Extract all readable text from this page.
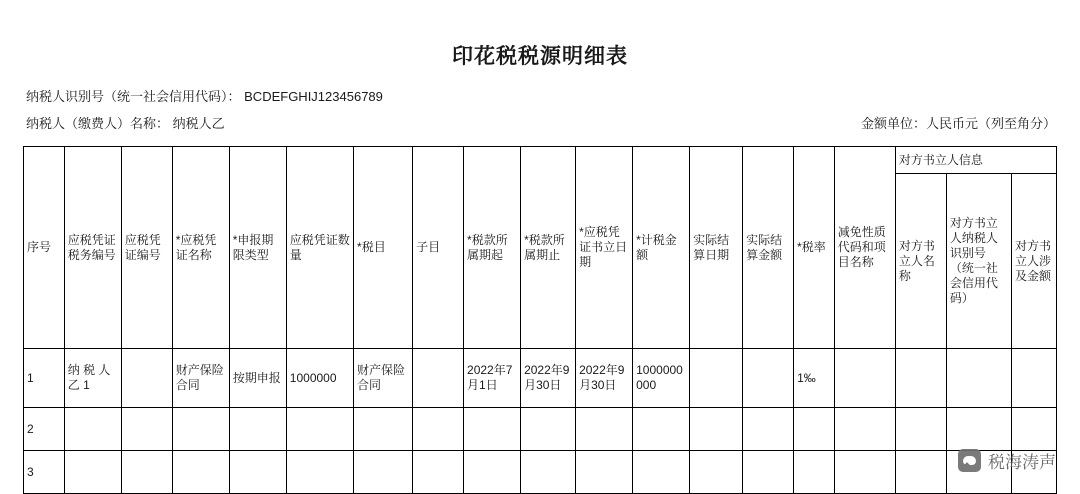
印花税税源明细表
纳税人识别号（统一社会信用代码）： BCDEFGHIJ123456789
纳税人（缴费人）名称： 纳税人乙	金额单位：人民币元（列至角分）
序号	应税凭证税务编号	应税凭证编号	*应税凭证名称	*申报期限类型	应税凭证数量	*税目	子目	*税款所属期起	*税款所属期止	*应税凭证书立日期	*计税金额	实际结算日期	实际结算金额	*税率	减免性质代码和项目名称	对方书立人信息		
																对方书立人名称	对方书立人纳税人识别号（统一社会信用代码）	对方书立人涉及金额
1	纳 税 人 乙 1		财产保险合同	按期申报	1000000	财产保险合同		2022年7月1日	2022年9月30日	2022年9月30日	1000000000			1‰				
2																		
3																			税海涛声
